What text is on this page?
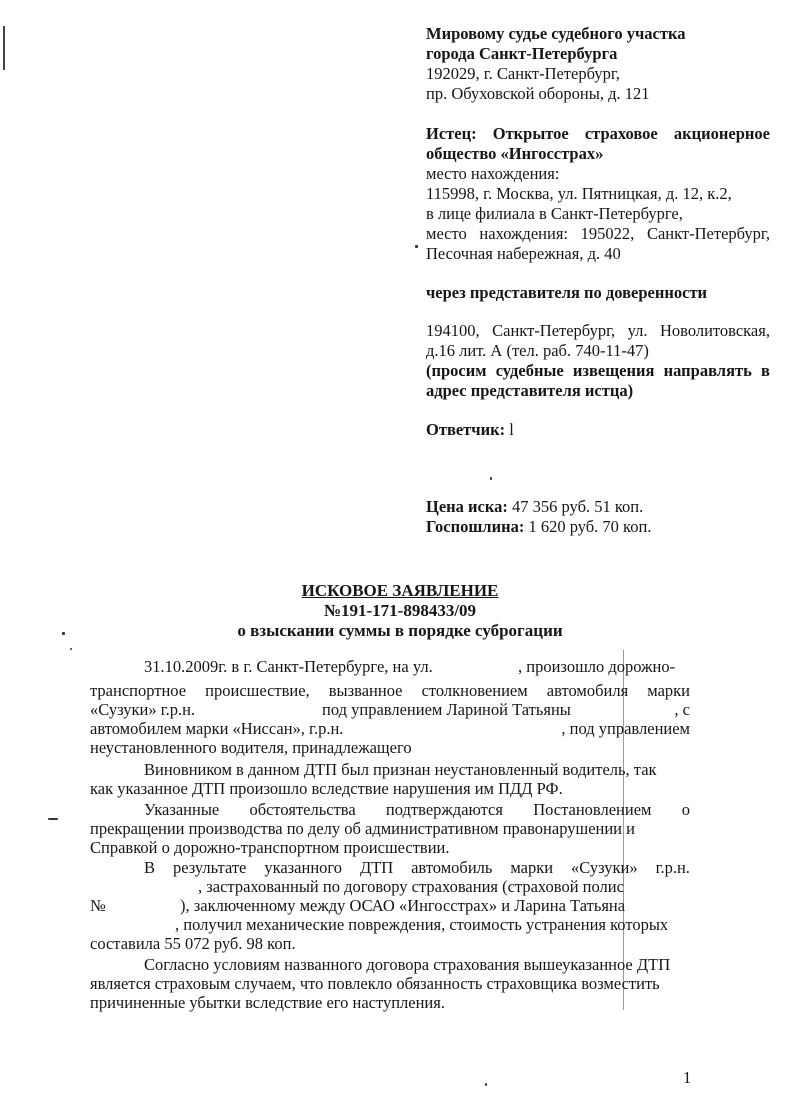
Мировому судье судебного участка
города Санкт-Петербурга
192029, г. Санкт-Петербург,
пр. Обуховской обороны, д. 121
Истец: Открытое страховое акционерное
общество «Ингосстрах»
место нахождения:
115998, г. Москва, ул. Пятницкая, д. 12, к.2,
в лице филиала в Санкт-Петербурге,
место нахождения: 195022, Санкт-Петербург,
Песочная набережная, д. 40
через представителя по доверенности
194100, Санкт-Петербург, ул. Новолитовская,
д.16 лит. А (тел. раб. 740-11-47)
(просим судебные извещения направлять в
адрес представителя истца)
Ответчик: l
Цена иска: 47 356 руб. 51 коп.
Госпошлина: 1 620 руб. 70 коп.
ИСКОВОЕ ЗАЯВЛЕНИЕ
№191-171-898433/09
о взыскании суммы в порядке суброгации
31.10.2009г. в г. Санкт-Петербурге, на ул.	, произошло дорожно-
транспортное происшествие, вызванное столкновением автомобиля марки
«Сузуки» г.р.н.	под управлением Лариной Татьяны	, с
автомобилем марки «Ниссан», г.р.н.	, под управлением
неустановленного водителя, принадлежащего
Виновником в данном ДТП был признан неустановленный водитель, так
как указанное ДТП произошло вследствие нарушения им ПДД РФ.
Указанные обстоятельства подтверждаются Постановлением о
прекращении производства по делу об административном правонарушении и
Справкой о дорожно-транспортном происшествии.
В результате указанного ДТП автомобиль марки «Сузуки» г.р.н.
, застрахованный по договору страхования (страховой полис
№	), заключенному между ОСАО «Ингосстрах» и Ларина Татьяна
, получил механические повреждения, стоимость устранения которых
составила 55 072 руб. 98 коп.
Согласно условиям названного договора страхования вышеуказанное ДТП
является страховым случаем, что повлекло обязанность страховщика возместить
причиненные убытки вследствие его наступления.
1
